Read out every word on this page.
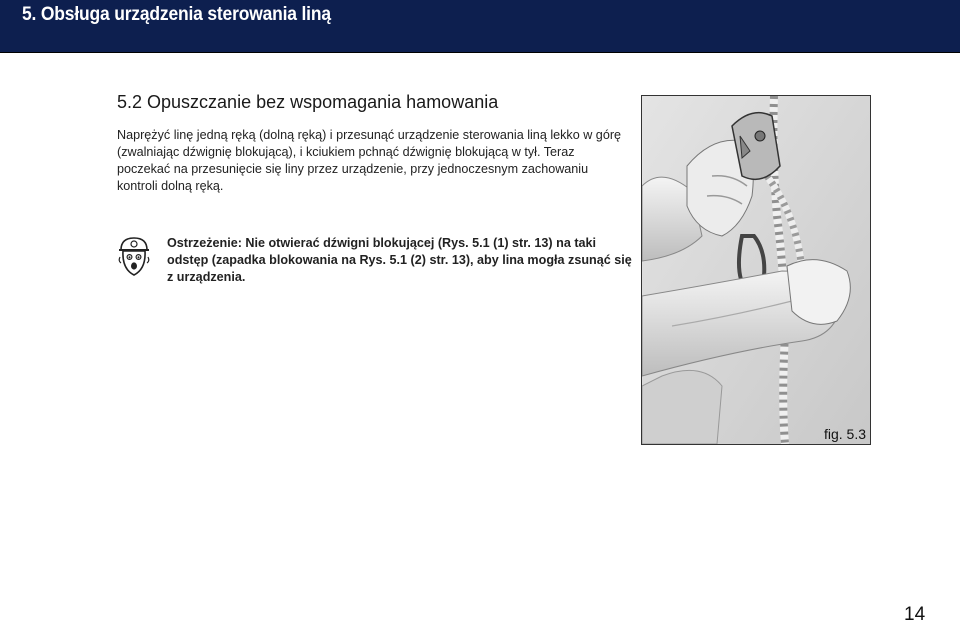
5. Obsługa urządzenia sterowania liną
5.2 Opuszczanie bez wspomagania hamowania
Naprężyć linę jedną ręką (dolną ręką) i przesunąć urządzenie sterowania liną lekko w górę (zwalniając dźwignię blokującą), i kciukiem pchnąć dźwignię blokującą w tył. Teraz poczekać na przesunięcie się liny przez urządzenie, przy jednoczesnym zachowaniu kontroli dolną ręką.
Ostrzeżenie: Nie otwierać dźwigni blokującej (Rys. 5.1 (1) str. 13) na taki odstęp (zapadka blokowania na Rys. 5.1 (2) str. 13), aby lina mogła zsunąć się z urządzenia.
fig. 5.3
14
